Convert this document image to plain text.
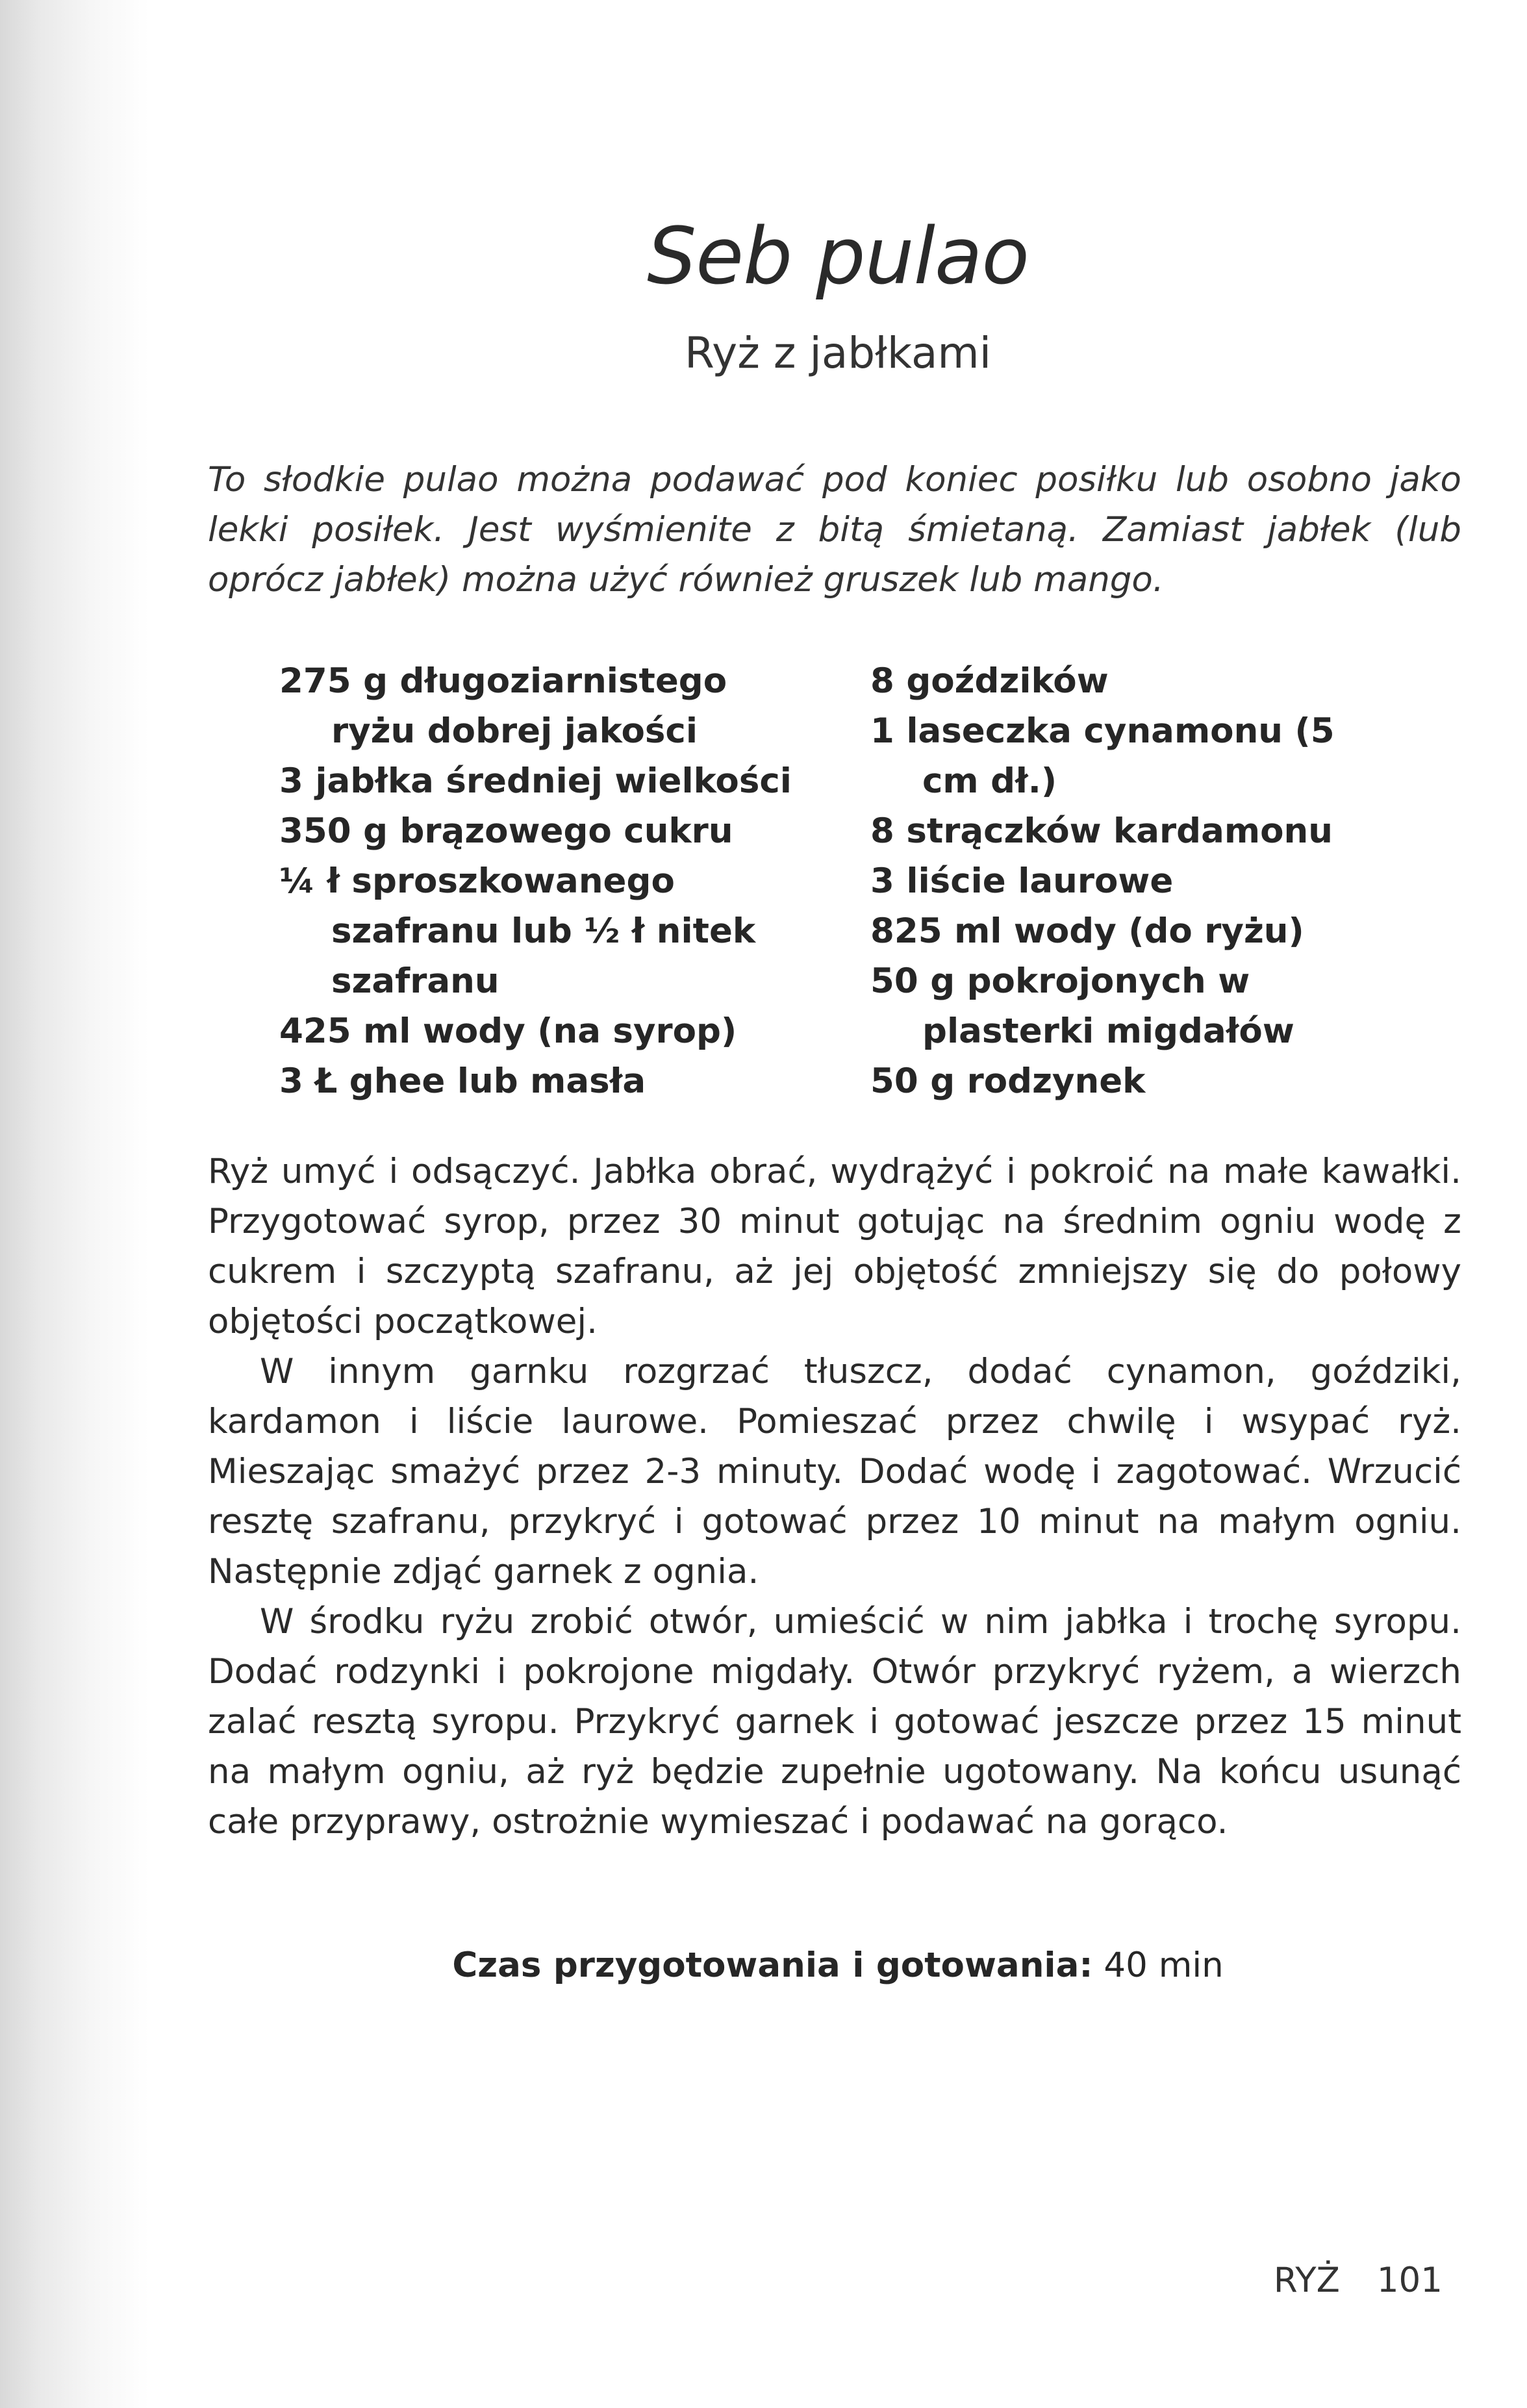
Seb pulao
Ryż z jabłkami

To słodkie pulao można podawać pod koniec posiłku lub osobno jako lekki posiłek. Jest wyśmienite z bitą śmietaną. Zamiast jabłek (lub oprócz jabłek) można użyć również gruszek lub mango.

275 g długoziarnistego ryżu dobrej jakości

3 jabłka średniej wielkości

350 g brązowego cukru

¼ ł sproszkowanego szafranu lub ½ ł nitek szafranu

425 ml wody (na syrop)

3 Ł ghee lub masła

8 goździków

1 laseczka cynamonu (5 cm dł.)

8 strączków kardamonu

3 liście laurowe

825 ml wody (do ryżu)

50 g pokrojonych w plasterki migdałów

50 g rodzynek

Ryż umyć i odsączyć. Jabłka obrać, wydrążyć i pokroić na małe kawałki. Przygotować syrop, przez 30 minut gotując na średnim ogniu wodę z cukrem i szczyptą szafranu, aż jej objętość zmniejszy się do połowy objętości początkowej.

W innym garnku rozgrzać tłuszcz, dodać cynamon, goździki, kardamon i liście laurowe. Pomieszać przez chwilę i wsypać ryż. Mieszając smażyć przez 2-3 minuty. Dodać wodę i zagotować. Wrzucić resztę szafranu, przykryć i gotować przez 10 minut na małym ogniu. Następnie zdjąć garnek z ognia.

W środku ryżu zrobić otwór, umieścić w nim jabłka i trochę syropu. Dodać rodzynki i pokrojone migdały. Otwór przykryć ryżem, a wierzch zalać resztą syropu. Przykryć garnek i gotować jeszcze przez 15 minut na małym ogniu, aż ryż będzie zupełnie ugotowany. Na końcu usunąć całe przyprawy, ostrożnie wymieszać i podawać na gorąco.

Czas przygotowania i gotowania: 40 min
RYŻ 101
